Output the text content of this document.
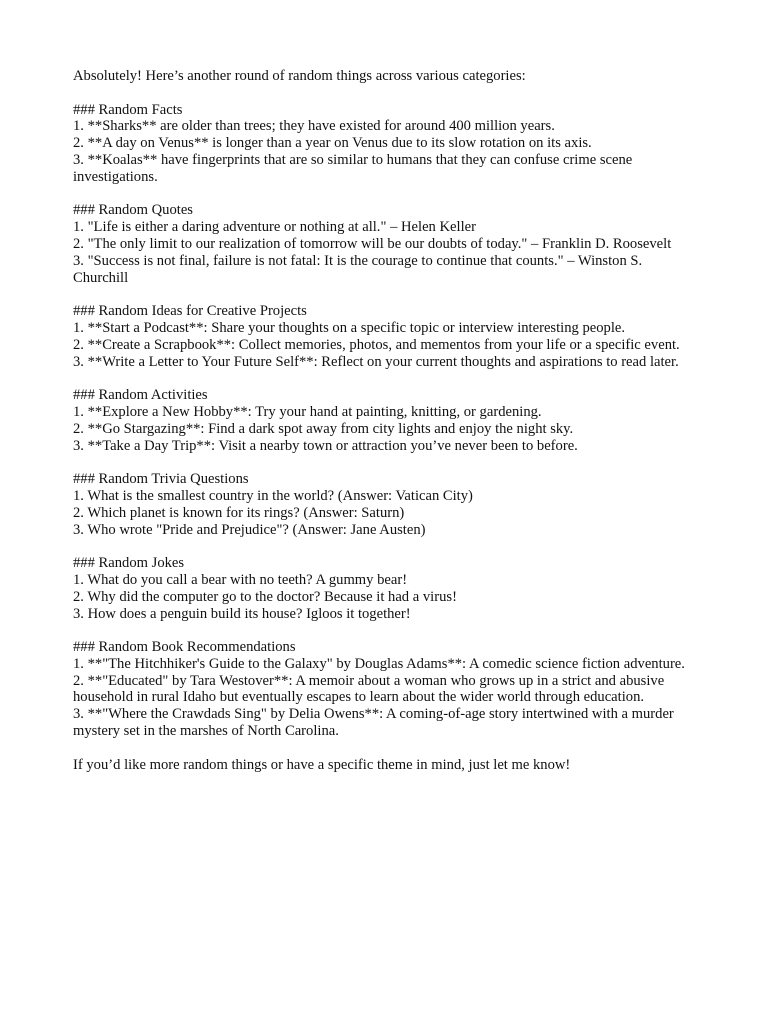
Absolutely! Here’s another round of random things across various categories:

### Random Facts
1. **Sharks** are older than trees; they have existed for around 400 million years.
2. **A day on Venus** is longer than a year on Venus due to its slow rotation on its axis.
3. **Koalas** have fingerprints that are so similar to humans that they can confuse crime scene investigations.
### Random Quotes
1. "Life is either a daring adventure or nothing at all." – Helen Keller
2. "The only limit to our realization of tomorrow will be our doubts of today." – Franklin D. Roosevelt
3. "Success is not final, failure is not fatal: It is the courage to continue that counts." – Winston S. Churchill
### Random Ideas for Creative Projects
1. **Start a Podcast**: Share your thoughts on a specific topic or interview interesting people.
2. **Create a Scrapbook**: Collect memories, photos, and mementos from your life or a specific event.
3. **Write a Letter to Your Future Self**: Reflect on your current thoughts and aspirations to read later.
### Random Activities
1. **Explore a New Hobby**: Try your hand at painting, knitting, or gardening.
2. **Go Stargazing**: Find a dark spot away from city lights and enjoy the night sky.
3. **Take a Day Trip**: Visit a nearby town or attraction you’ve never been to before.
### Random Trivia Questions
1. What is the smallest country in the world? (Answer: Vatican City)
2. Which planet is known for its rings? (Answer: Saturn)
3. Who wrote "Pride and Prejudice"? (Answer: Jane Austen)
### Random Jokes
1. What do you call a bear with no teeth? A gummy bear!
2. Why did the computer go to the doctor? Because it had a virus!
3. How does a penguin build its house? Igloos it together!
### Random Book Recommendations
1. **"The Hitchhiker's Guide to the Galaxy" by Douglas Adams**: A comedic science fiction adventure.
2. **"Educated" by Tara Westover**: A memoir about a woman who grows up in a strict and abusive household in rural Idaho but eventually escapes to learn about the wider world through education.
3. **"Where the Crawdads Sing" by Delia Owens**: A coming-of-age story intertwined with a murder mystery set in the marshes of North Carolina.

If you’d like more random things or have a specific theme in mind, just let me know!
